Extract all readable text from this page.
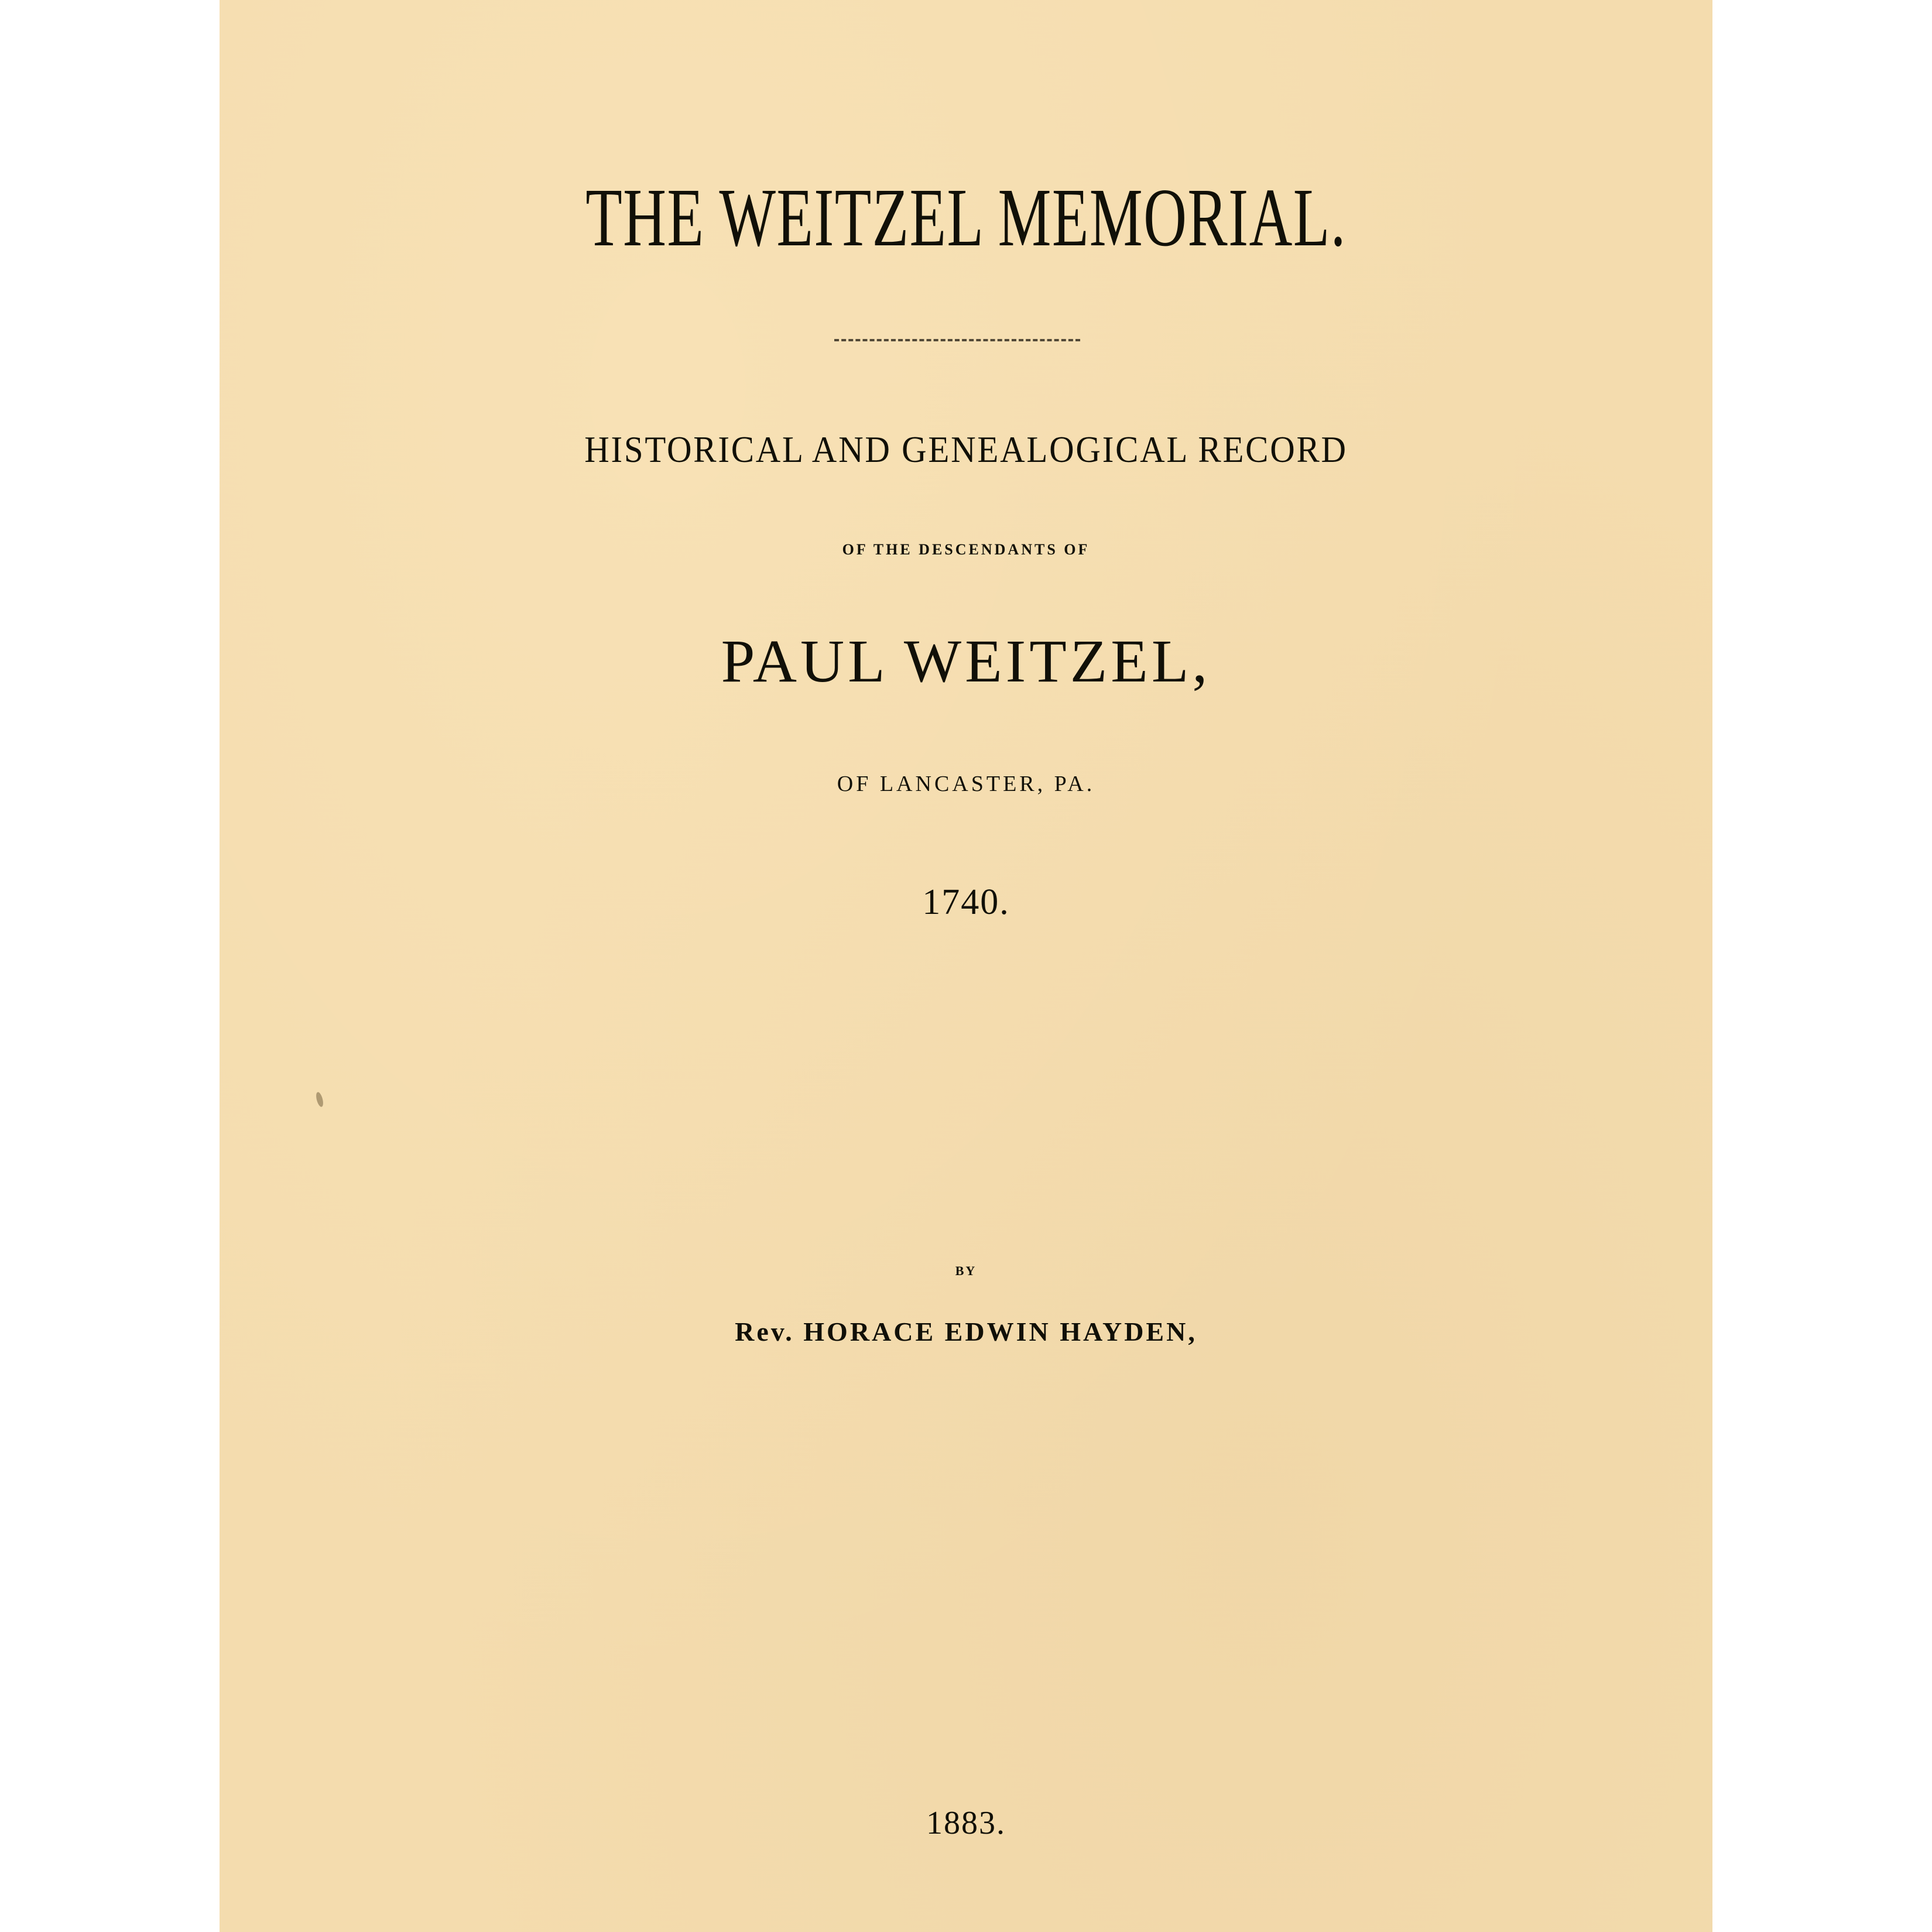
THE WEITZEL MEMORIAL.
HISTORICAL AND GENEALOGICAL RECORD
OF THE DESCENDANTS OF
PAUL WEITZEL,
OF LANCASTER, PA.
1740.
BY
Rev. HORACE EDWIN HAYDEN,
1883.
